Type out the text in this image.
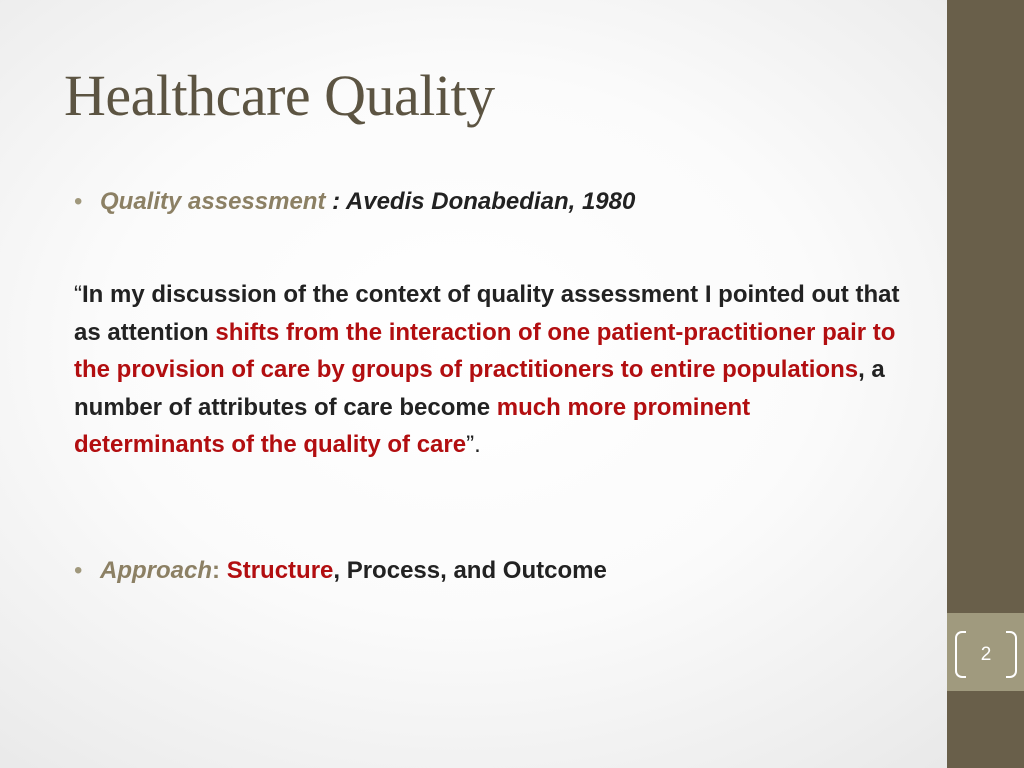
2
Healthcare Quality
• Quality assessment : Avedis Donabedian, 1980
“In my discussion of the context of quality assessment I pointed out that as attention shifts from the interaction of one patient-practitioner pair to the provision of care by groups of practitioners to entire populations, a number of attributes of care become much more prominent determinants of the quality of care”.
• Approach: Structure, Process, and Outcome
